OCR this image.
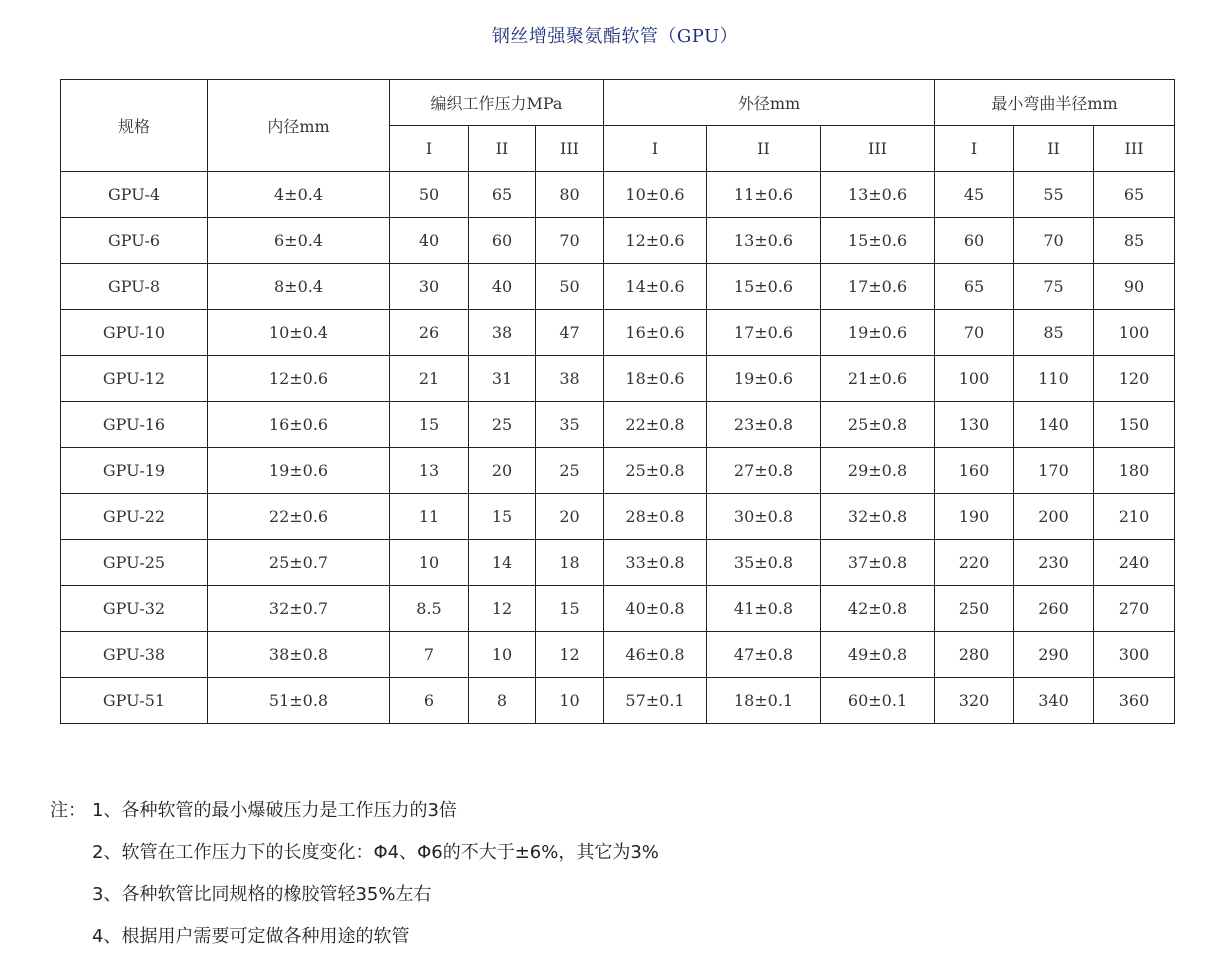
钢丝增强聚氨酯软管（GPU）
规格	内径mm	编织工作压力MPa			外径mm			最小弯曲半径mm		
		I	II	III	I	II	III	I	II	III
GPU-4	4±0.4	50	65	80	10±0.6	11±0.6	13±0.6	45	55	65
GPU-6	6±0.4	40	60	70	12±0.6	13±0.6	15±0.6	60	70	85
GPU-8	8±0.4	30	40	50	14±0.6	15±0.6	17±0.6	65	75	90
GPU-10	10±0.4	26	38	47	16±0.6	17±0.6	19±0.6	70	85	100
GPU-12	12±0.6	21	31	38	18±0.6	19±0.6	21±0.6	100	110	120
GPU-16	16±0.6	15	25	35	22±0.8	23±0.8	25±0.8	130	140	150
GPU-19	19±0.6	13	20	25	25±0.8	27±0.8	29±0.8	160	170	180
GPU-22	22±0.6	11	15	20	28±0.8	30±0.8	32±0.8	190	200	210
GPU-25	25±0.7	10	14	18	33±0.8	35±0.8	37±0.8	220	230	240
GPU-32	32±0.7	8.5	12	15	40±0.8	41±0.8	42±0.8	250	260	270
GPU-38	38±0.8	7	10	12	46±0.8	47±0.8	49±0.8	280	290	300
GPU-51	51±0.8	6	8	10	57±0.1	18±0.1	60±0.1	320	340	360
注： 1、各种软管的最小爆破压力是工作压力的3倍
2、软管在工作压力下的长度变化：Φ4、Φ6的不大于±6%，其它为3%
3、各种软管比同规格的橡胶管轻35%左右
4、根据用户需要可定做各种用途的软管
